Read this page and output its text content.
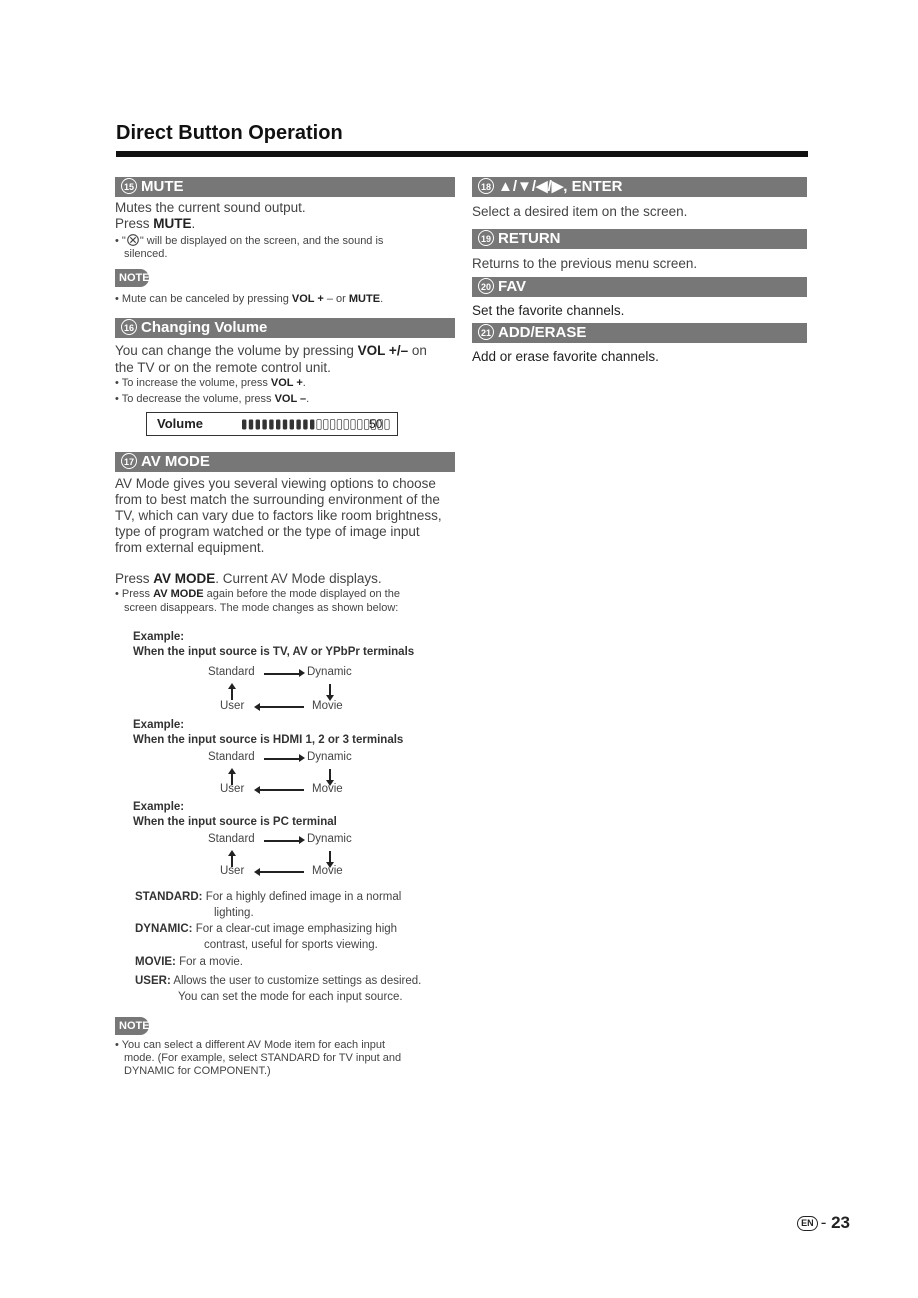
Direct Button Operation
15 MUTE
Mutes the current sound output.
Press MUTE.
• " " will be displayed on the screen, and the sound is
silenced.
NOTE
• Mute can be canceled by pressing VOL + – or MUTE.
16 Changing Volume
You can change the volume by pressing VOL +/– on
the TV or on the remote control unit.
• To increase the volume, press VOL +.
• To decrease the volume, press VOL –.
Volume	50
17 AV MODE
AV Mode gives you several viewing options to choose
from to best match the surrounding environment of the
TV, which can vary due to factors like room brightness,
type of program watched or the type of image input
from external equipment.
Press AV MODE. Current AV Mode displays.
• Press AV MODE again before the mode displayed on the
screen disappears. The mode changes as shown below:
Example:
When the input source is TV, AV or YPbPr terminals
Standard	Dynamic
User	Movie
Example:
When the input source is HDMI 1, 2 or 3 terminals
Standard	Dynamic
User	Movie
Example:
When the input source is PC terminal
Standard	Dynamic
User	Movie
STANDARD: For a highly defined image in a normal
lighting.
DYNAMIC: For a clear-cut image emphasizing high
contrast, useful for sports viewing.
MOVIE: For a movie.
USER: Allows the user to customize settings as desired.
You can set the mode for each input source.
NOTE
• You can select a different AV Mode item for each input
mode. (For example, select STANDARD for TV input and
DYNAMIC for COMPONENT.)
18 ▲/▼/◀/▶, ENTER
Select a desired item on the screen.
19 RETURN
Returns to the previous menu screen.
20 FAV
Set the favorite channels.
21 ADD/ERASE
Add or erase favorite channels.
EN - 23
